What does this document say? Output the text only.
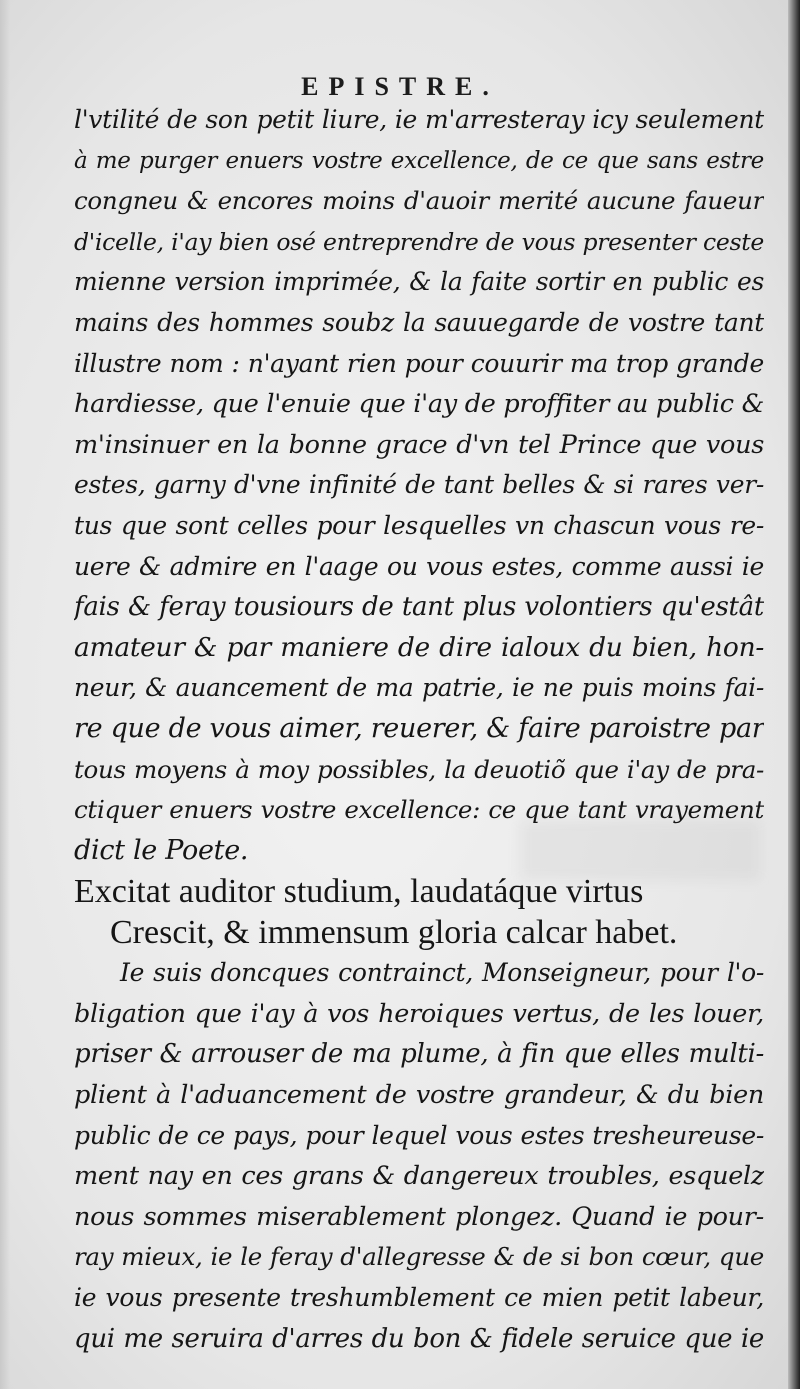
EPISTRE.
l'vtilité de son petit liure, ie m'arresteray icy seulement
à me purger enuers vostre excellence, de ce que sans estre
congneu & encores moins d'auoir merité aucune faueur
d'icelle, i'ay bien osé entreprendre de vous presenter ceste
mienne version imprimée, & la faite sortir en public es
mains des hommes soubz la sauuegarde de vostre tant
illustre nom : n'ayant rien pour couurir ma trop grande
hardiesse, que l'enuie que i'ay de proffiter au public &
m'insinuer en la bonne grace d'vn tel Prince que vous
estes, garny d'vne infinité de tant belles & si rares ver-
tus que sont celles pour lesquelles vn chascun vous re-
uere & admire en l'aage ou vous estes, comme aussi ie
fais & feray tousiours de tant plus volontiers qu'estât
amateur & par maniere de dire ialoux du bien, hon-
neur, & auancement de ma patrie, ie ne puis moins fai-
re que de vous aimer, reuerer, & faire paroistre par
tous moyens à moy possibles, la deuotiõ que i'ay de pra-
ctiquer enuers vostre excellence: ce que tant vrayement
dict le Poete.
Excitat auditor studium, laudatáque virtus
Crescit, & immensum gloria calcar habet.
Ie suis doncques contrainct, Monseigneur, pour l'o-
bligation que i'ay à vos heroiques vertus, de les louer,
priser & arrouser de ma plume, à fin que elles multi-
plient à l'aduancement de vostre grandeur, & du bien
public de ce pays, pour lequel vous estes tresheureuse-
ment nay en ces grans & dangereux troubles, esquelz
nous sommes miserablement plongez. Quand ie pour-
ray mieux, ie le feray d'allegresse & de si bon cœur, que
ie vous presente treshumblement ce mien petit labeur,
qui me seruira d'arres du bon & fidele seruice que ie
